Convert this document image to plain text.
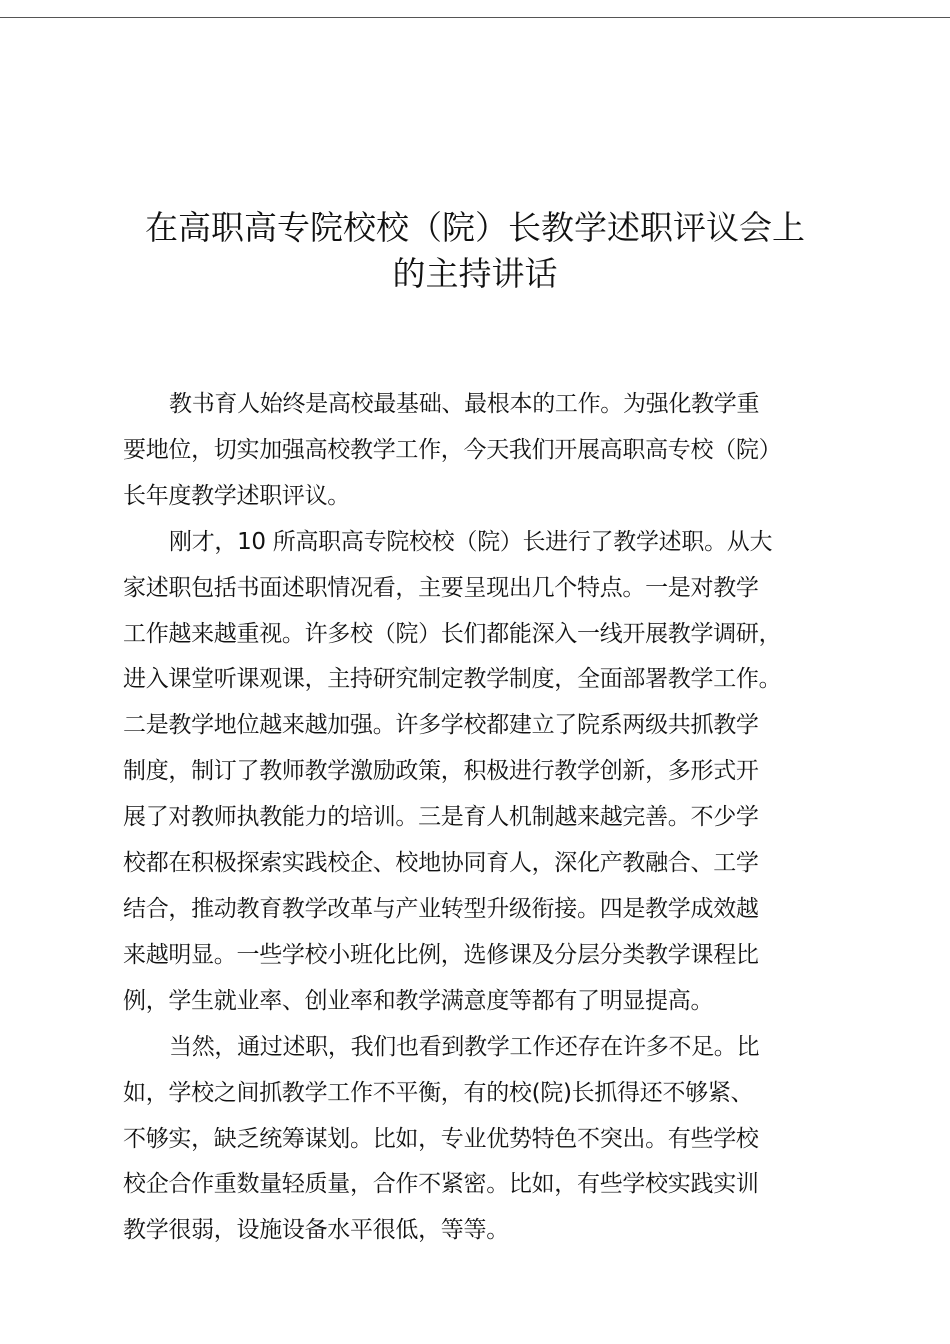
在高职高专院校校（院）长教学述职评议会上
的主持讲话

教书育人始终是高校最基础、最根本的工作。为强化教学重
要地位，切实加强高校教学工作，今天我们开展高职高专校（院）
长年度教学述职评议。

刚才，10 所高职高专院校校（院）长进行了教学述职。从大
家述职包括书面述职情况看，主要呈现出几个特点。一是对教学
工作越来越重视。许多校（院）长们都能深入一线开展教学调研，
进入课堂听课观课，主持研究制定教学制度，全面部署教学工作。
二是教学地位越来越加强。许多学校都建立了院系两级共抓教学
制度，制订了教师教学激励政策，积极进行教学创新，多形式开
展了对教师执教能力的培训。三是育人机制越来越完善。不少学
校都在积极探索实践校企、校地协同育人，深化产教融合、工学
结合，推动教育教学改革与产业转型升级衔接。四是教学成效越
来越明显。一些学校小班化比例，选修课及分层分类教学课程比
例，学生就业率、创业率和教学满意度等都有了明显提高。

当然，通过述职，我们也看到教学工作还存在许多不足。比
如，学校之间抓教学工作不平衡，有的校(院)长抓得还不够紧、
不够实，缺乏统筹谋划。比如，专业优势特色不突出。有些学校
校企合作重数量轻质量，合作不紧密。比如，有些学校实践实训
教学很弱，设施设备水平很低，等等。
